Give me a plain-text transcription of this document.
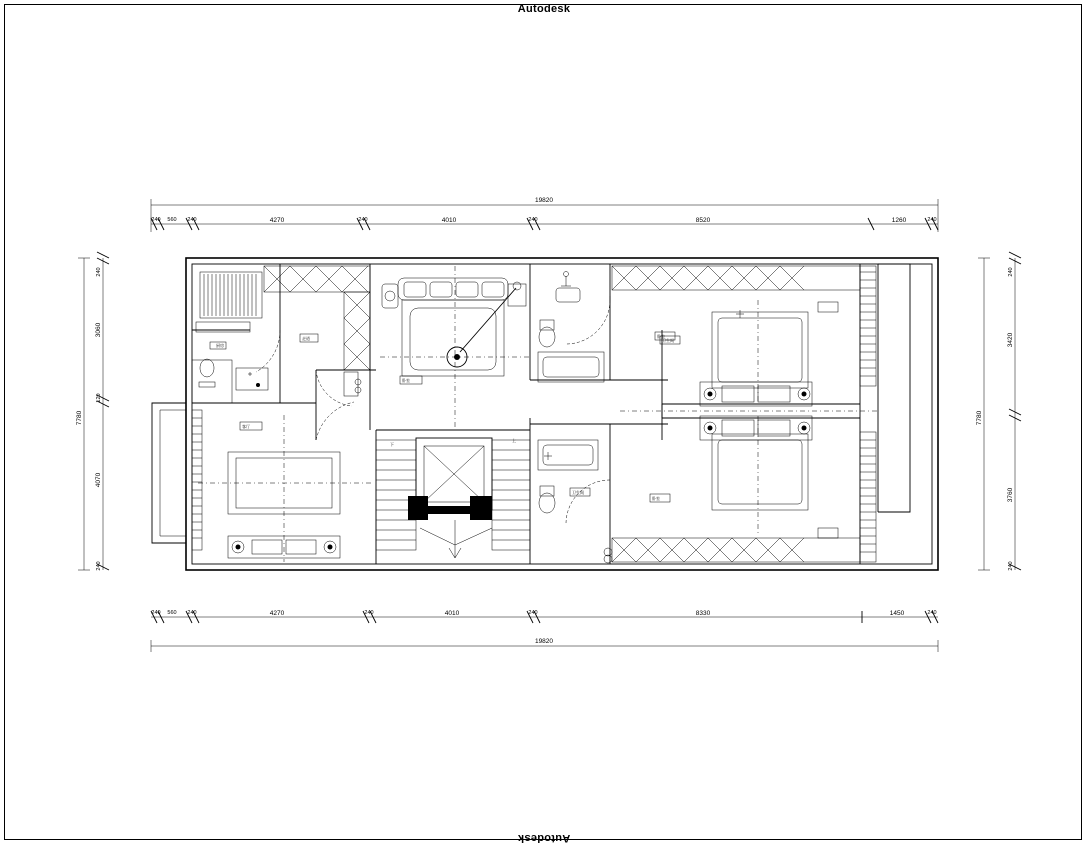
Autodesk
Autodesk
19820
240 560 240	4270	240	4010	240	8520	1260	240
240 560 240	4270	240	4010	240	8330	1450	240
19820
240
3060
120
4070
240
7780
240
3420
3760
240
7780
厨房
走道
卧室
客厅
下
上
卫生间
卫生间
卧室
卧室
